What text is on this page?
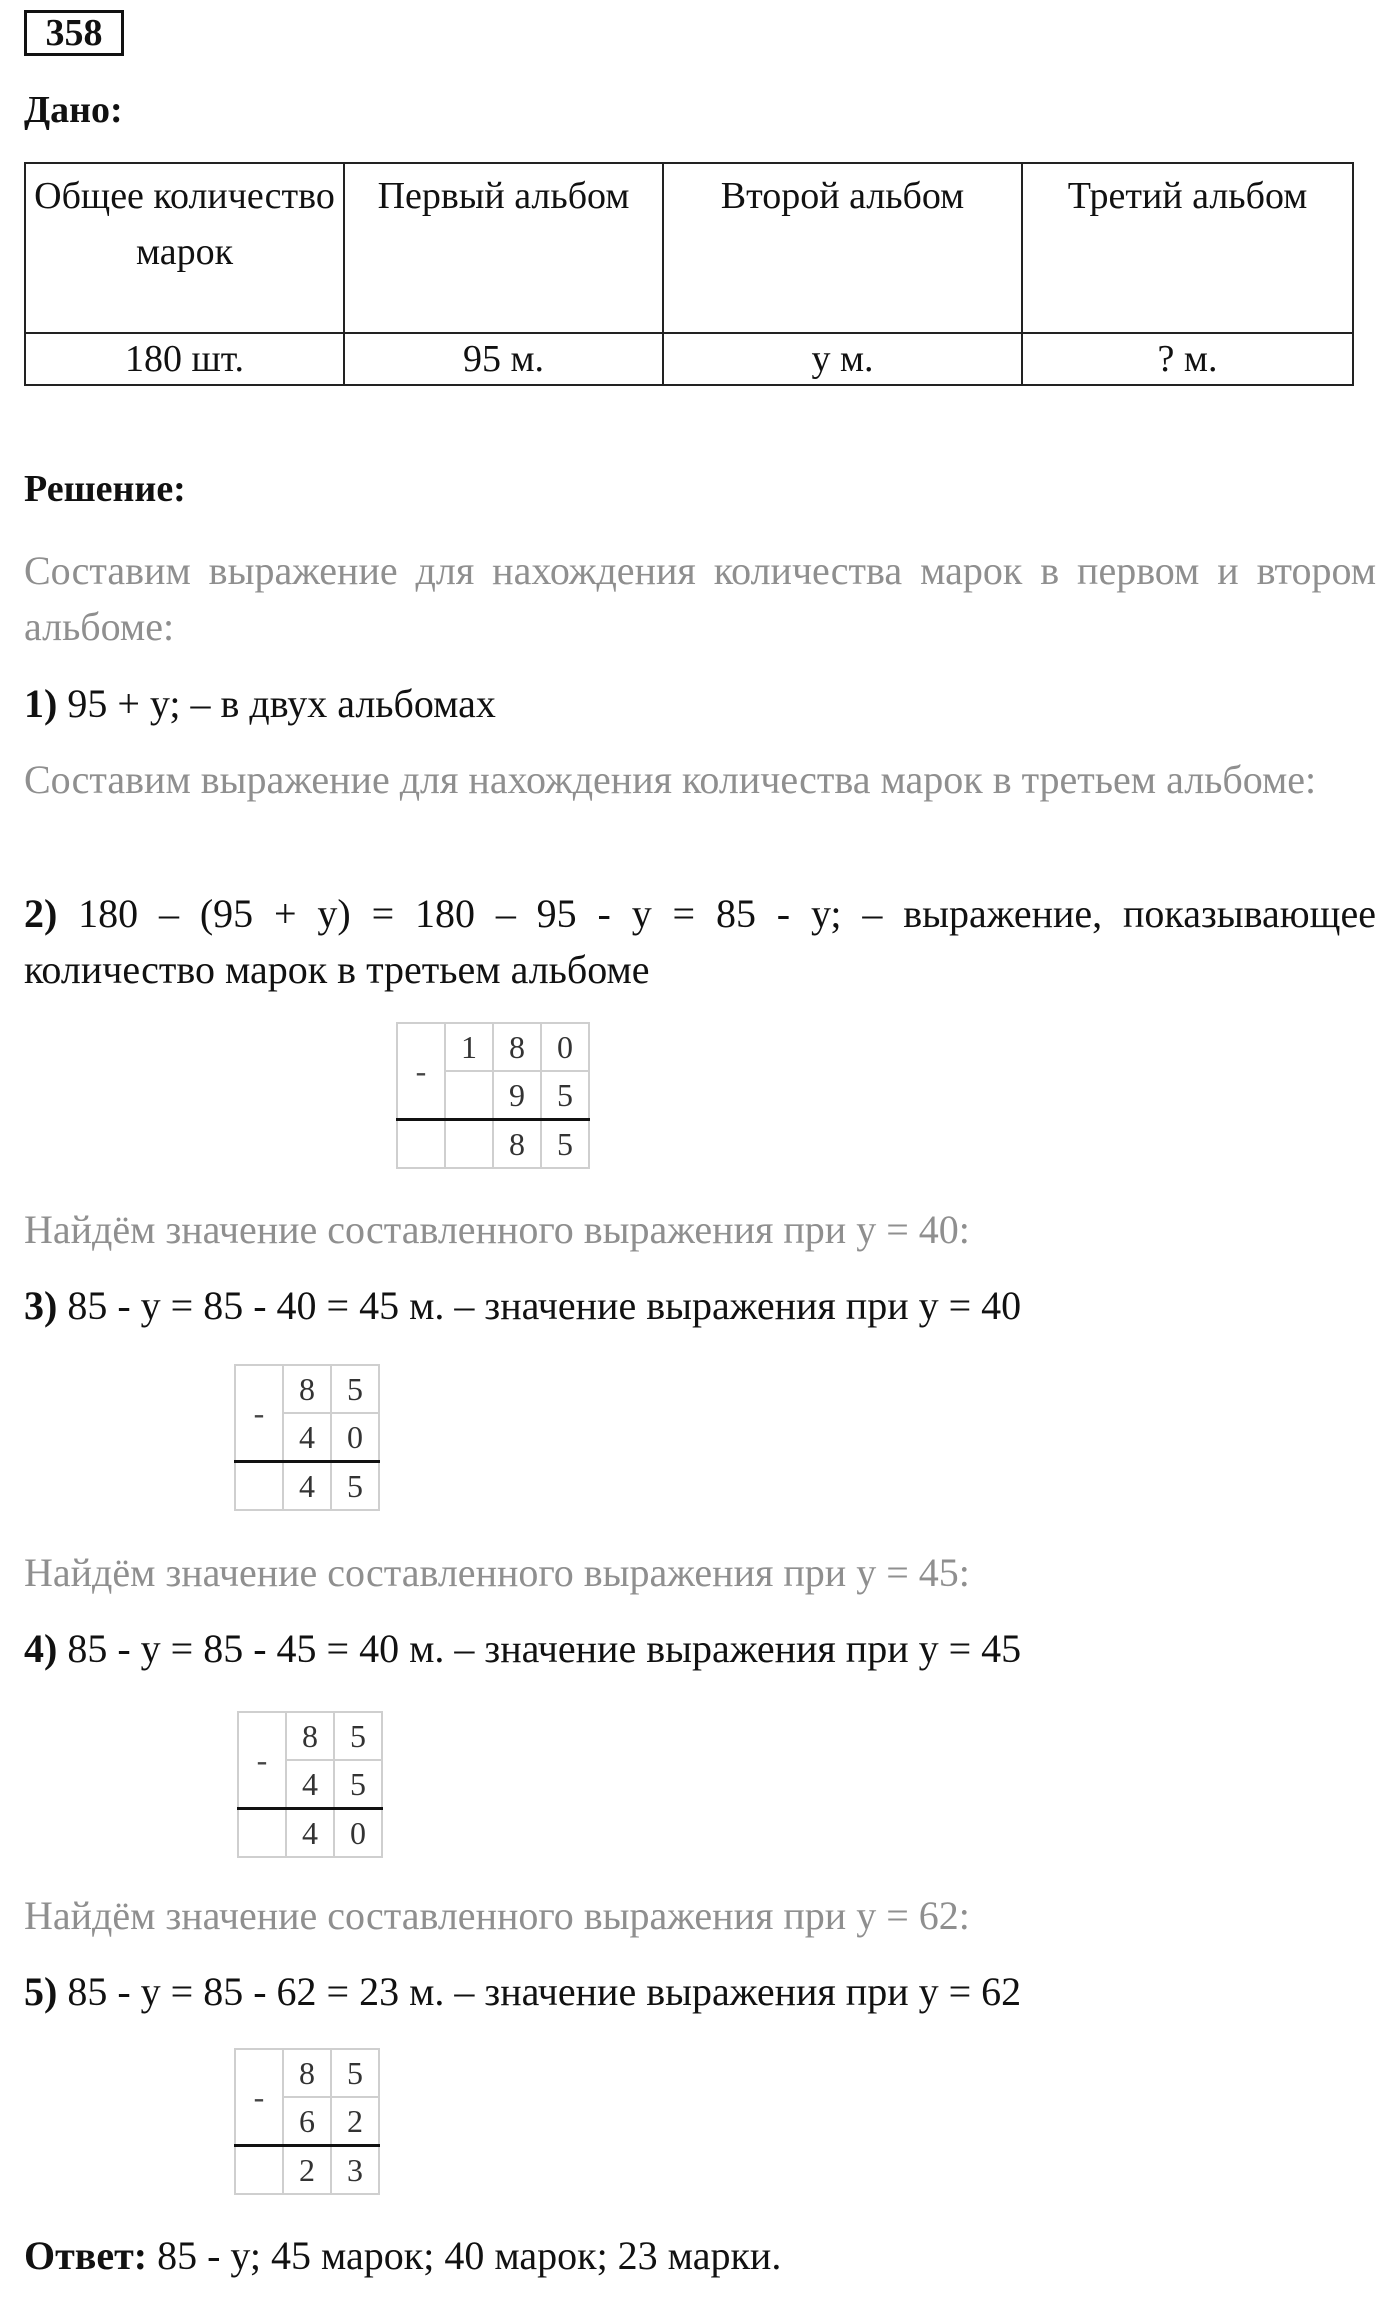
358
Дано:
Общее количество марок	Первый альбом	Второй альбом	Третий альбом
180 шт.	95 м.	у м.	? м.
Решение:
Составим выражение для нахождения количества марок в первом и втором альбоме:
1) 95 + у; – в двух альбомах
Составим выражение для нахождения количества марок в третьем альбоме:
2) 180 – (95 + у) = 180 – 95 - у = 85 - у; – выражение, показывающее количество марок в третьем альбоме
-	1	8	0
		9	5
		8	5
Найдём значение составленного выражения при у = 40:
3) 85 - у = 85 - 40 = 45 м. – значение выражения при у = 40
-	8	5
	4	0
	4	5
Найдём значение составленного выражения при у = 45:
4) 85 - у = 85 - 45 = 40 м. – значение выражения при у = 45
-	8	5
	4	5
	4	0
Найдём значение составленного выражения при у = 62:
5) 85 - у = 85 - 62 = 23 м. – значение выражения при у = 62
-	8	5
	6	2
	2	3
Ответ: 85 - у; 45 марок; 40 марок; 23 марки.
